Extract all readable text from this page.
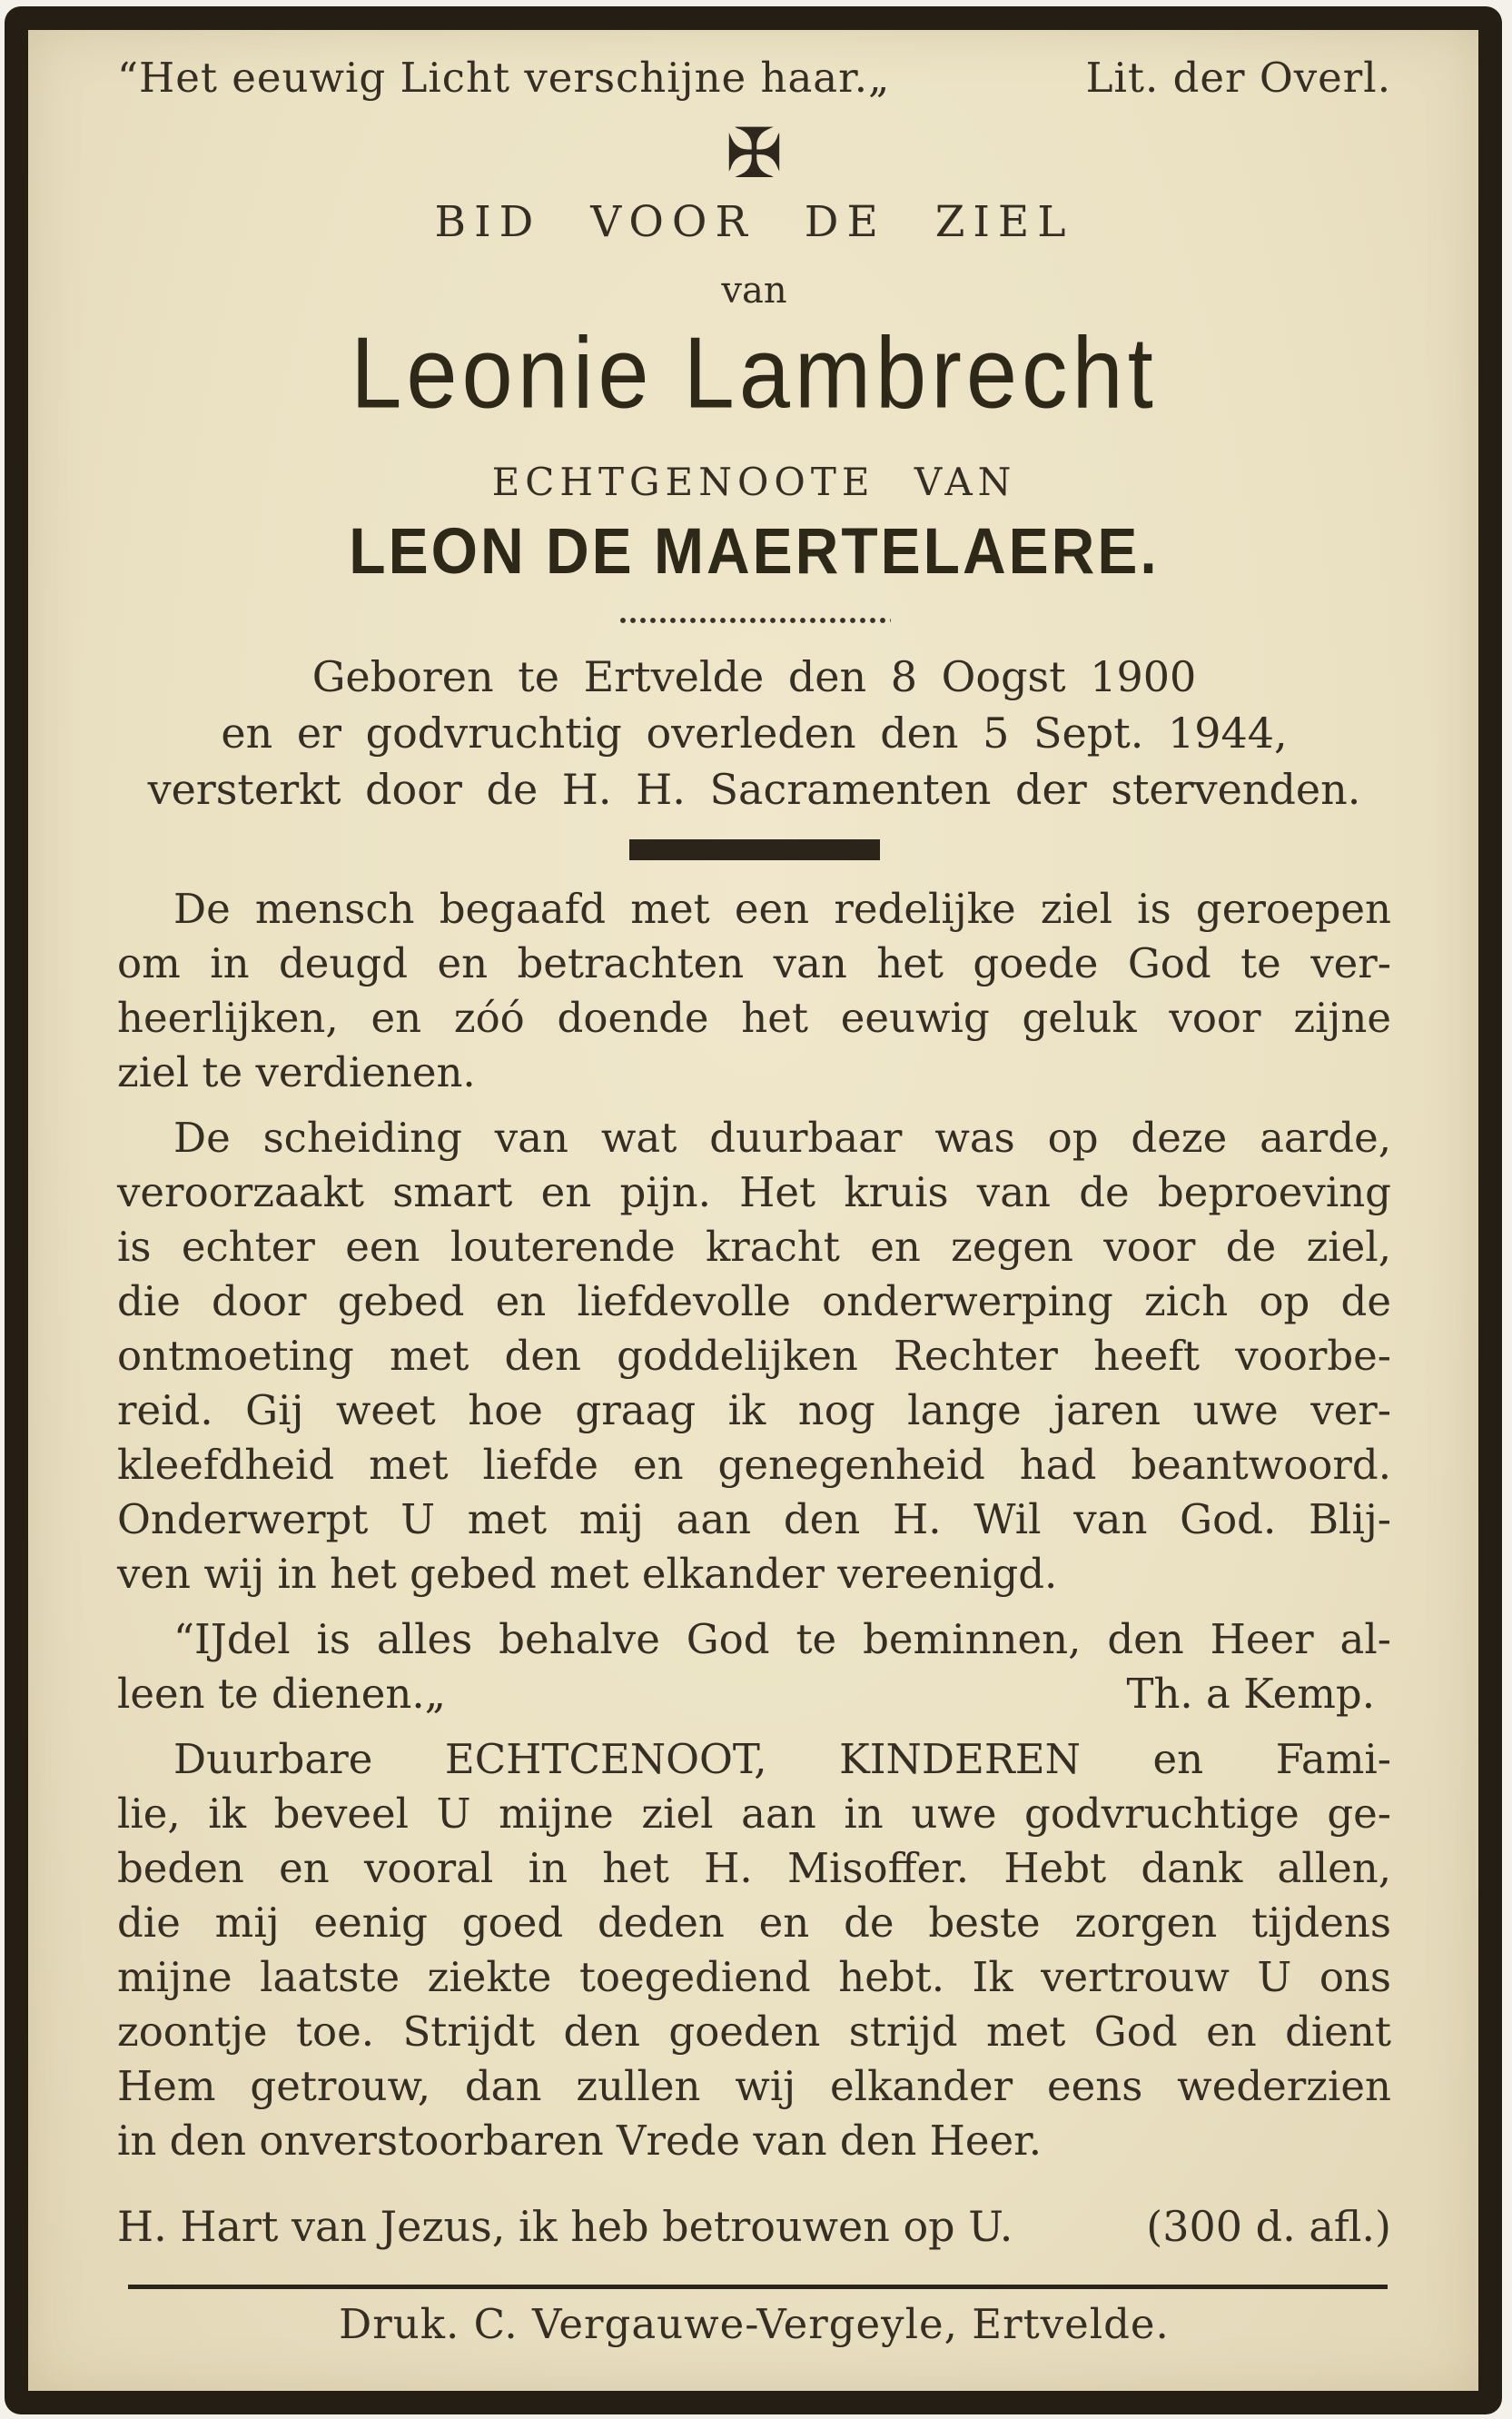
“Het eeuwig Licht verschijne haar.„	Lit. der Overl.
✠
BID VOOR DE ZIEL
van
Leonie Lambrecht
ECHTGENOOTE VAN
LEON DE MAERTELAERE.
Geboren te Ertvelde den 8 Oogst 1900
en er godvruchtig overleden den 5 Sept. 1944,
versterkt door de H. H. Sacramenten der stervenden.
De mensch begaafd met een redelijke ziel is geroepen
om in deugd en betrachten van het goede God te ver-
heerlijken, en zóó doende het eeuwig geluk voor zijne
ziel te verdienen.
De scheiding van wat duurbaar was op deze aarde,
veroorzaakt smart en pijn. Het kruis van de beproeving
is echter een louterende kracht en zegen voor de ziel,
die door gebed en liefdevolle onderwerping zich op de
ontmoeting met den goddelijken Rechter heeft voorbe-
reid. Gij weet hoe graag ik nog lange jaren uwe ver-
kleefdheid met liefde en genegenheid had beantwoord.
Onderwerpt U met mij aan den H. Wil van God. Blij-
ven wij in het gebed met elkander vereenigd.
“IJdel is alles behalve God te beminnen, den Heer al-
leen te dienen.„	Th. a Kemp.
Duurbare ECHTCENOOT, KINDEREN en Fami-
lie, ik beveel U mijne ziel aan in uwe godvruchtige ge-
beden en vooral in het H. Misoffer. Hebt dank allen,
die mij eenig goed deden en de beste zorgen tijdens
mijne laatste ziekte toegediend hebt. Ik vertrouw U ons
zoontje toe. Strijdt den goeden strijd met God en dient
Hem getrouw, dan zullen wij elkander eens wederzien
in den onverstoorbaren Vrede van den Heer.
H. Hart van Jezus, ik heb betrouwen op U.	(300 d. afl.)
Druk. C. Vergauwe-Vergeyle, Ertvelde.
